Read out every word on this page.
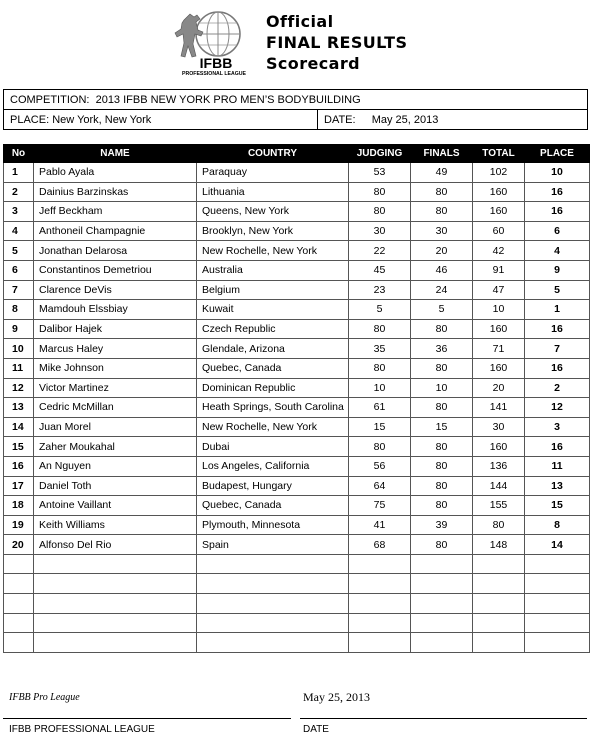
IFBB
PROFESSIONAL LEAGUE
Official
FINAL RESULTS
Scorecard
COMPETITION: 2013 IFBB NEW YORK PRO MEN’S BODYBUILDING
PLACE: New York, New York	DATE: May 25, 2013
No	NAME	COUNTRY	JUDGING	FINALS	TOTAL	PLACE
1	Pablo Ayala	Paraquay	53	49	102	10
2	Dainius Barzinskas	Lithuania	80	80	160	16
3	Jeff Beckham	Queens, New York	80	80	160	16
4	Anthoneil Champagnie	Brooklyn, New York	30	30	60	6
5	Jonathan Delarosa	New Rochelle, New York	22	20	42	4
6	Constantinos Demetriou	Australia	45	46	91	9
7	Clarence DeVis	Belgium	23	24	47	5
8	Mamdouh Elssbiay	Kuwait	5	5	10	1
9	Dalibor Hajek	Czech Republic	80	80	160	16
10	Marcus Haley	Glendale, Arizona	35	36	71	7
11	Mike Johnson	Quebec, Canada	80	80	160	16
12	Victor Martinez	Dominican Republic	10	10	20	2
13	Cedric McMillan	Heath Springs, South Carolina	61	80	141	12
14	Juan Morel	New Rochelle, New York	15	15	30	3
15	Zaher Moukahal	Dubai	80	80	160	16
16	An Nguyen	Los Angeles, California	56	80	136	11
17	Daniel Toth	Budapest, Hungary	64	80	144	13
18	Antoine Vaillant	Quebec, Canada	75	80	155	15
19	Keith Williams	Plymouth, Minnesota	41	39	80	8
20	Alfonso Del Rio	Spain	68	80	148	14

IFBB Pro League	May 25, 2013
IFBB PROFESSIONAL LEAGUE	DATE
